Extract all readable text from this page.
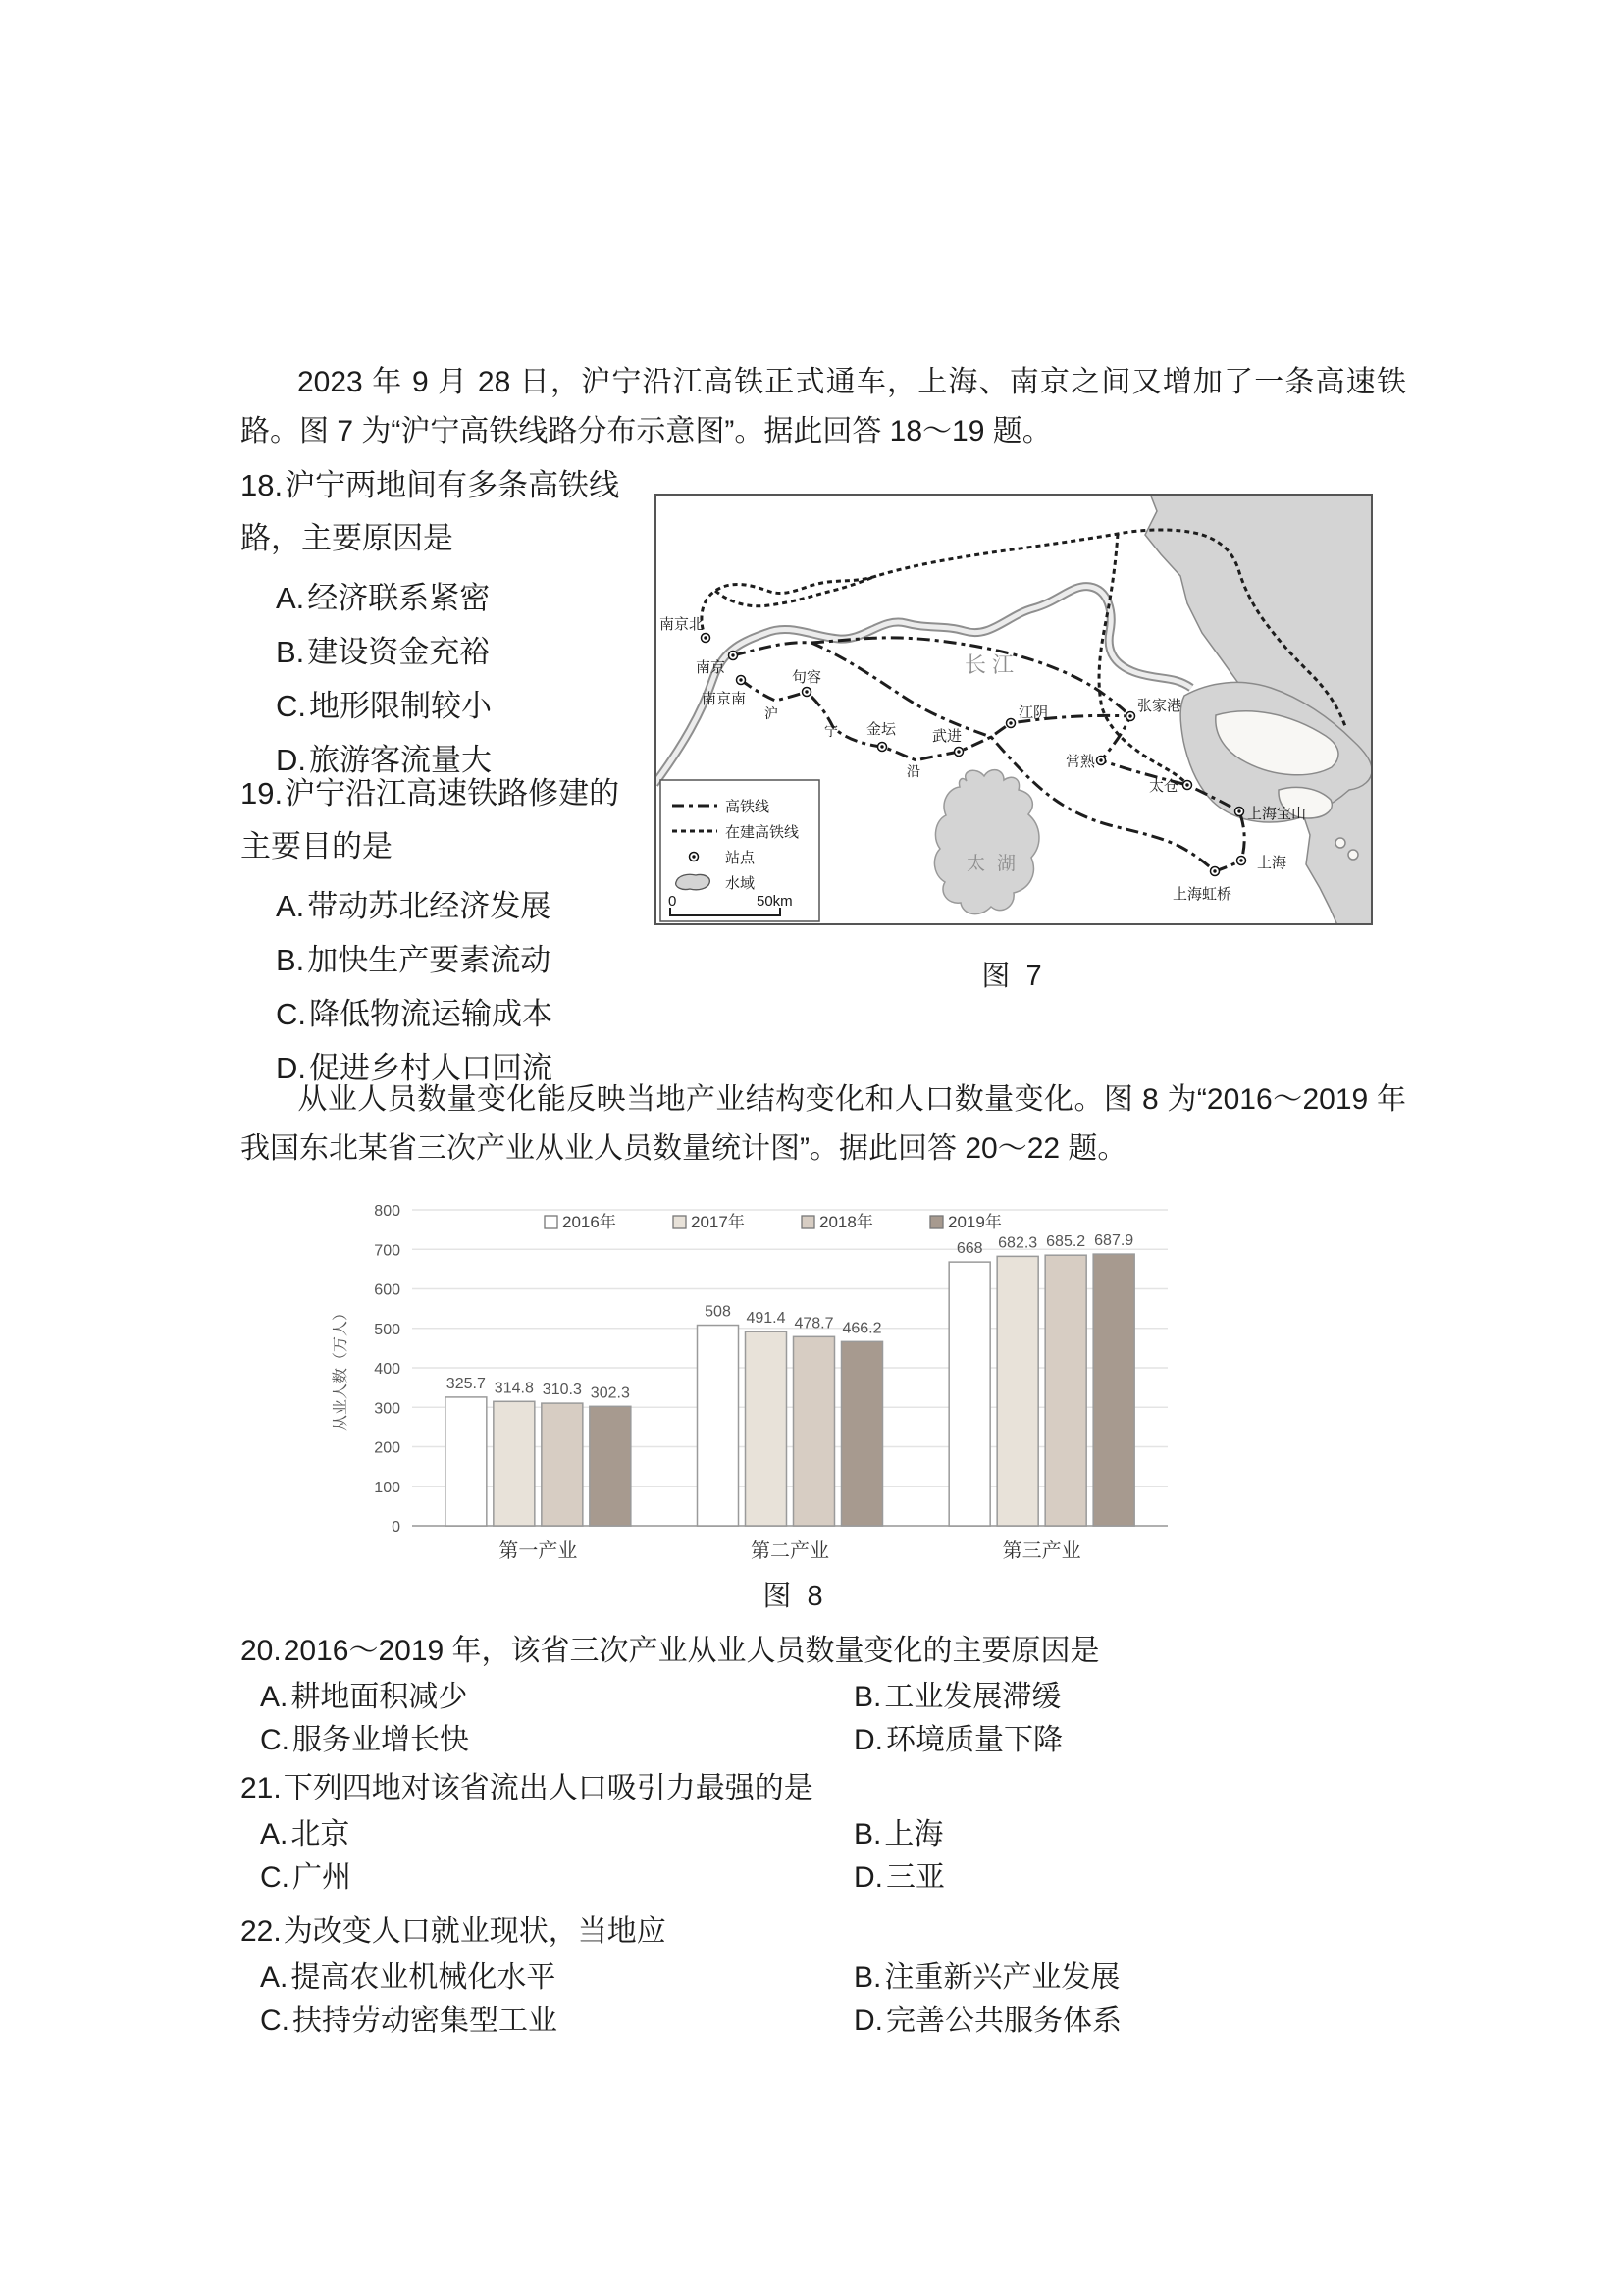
2023 年 9 月 28 日，沪宁沿江高铁正式通车，上海、南京之间又增加了一条高速铁路。图 7 为“沪宁高铁线路分布示意图”。据此回答 18～19 题。
18.沪宁两地间有多条高铁线路，主要原因是
A.经济联系紧密
B.建设资金充裕
C.地形限制较小
D.旅游客流量大
19.沪宁沿江高速铁路修建的主要目的是
A.带动苏北经济发展
B.加快生产要素流动
C.降低物流运输成本
D.促进乡村人口回流
南京北
南京
南京南
句容
金坛 武进
江阴	张家港
常熟
太仓
上海宝山
上海
上海虹桥
沪
宁
沿
长江
太湖
高铁线
在建高铁线
站点
水域
0	50km
图 7
从业人员数量变化能反映当地产业结构变化和人口数量变化。图 8 为“2016～2019 年我国东北某省三次产业从业人员数量统计图”。据此回答 20～22 题。
0
100
200
300
400
500
600
700
800
325.7 314.8 310.3 302.3
第一产业
508 491.4 478.7 466.2
第二产业
668 682.3 685.2 687.9
第三产业
2016年	2017年	2018年	2019年
从业人数（万人）
图 8
20.2016～2019 年，该省三次产业从业人员数量变化的主要原因是
A. 耕地面积减少	B. 工业发展滞缓
C. 服务业增长快	D. 环境质量下降
21.下列四地对该省流出人口吸引力最强的是
A. 北京	B. 上海
C. 广州	D. 三亚
22.为改变人口就业现状，当地应
A. 提高农业机械化水平	B. 注重新兴产业发展
C. 扶持劳动密集型工业	D. 完善公共服务体系
